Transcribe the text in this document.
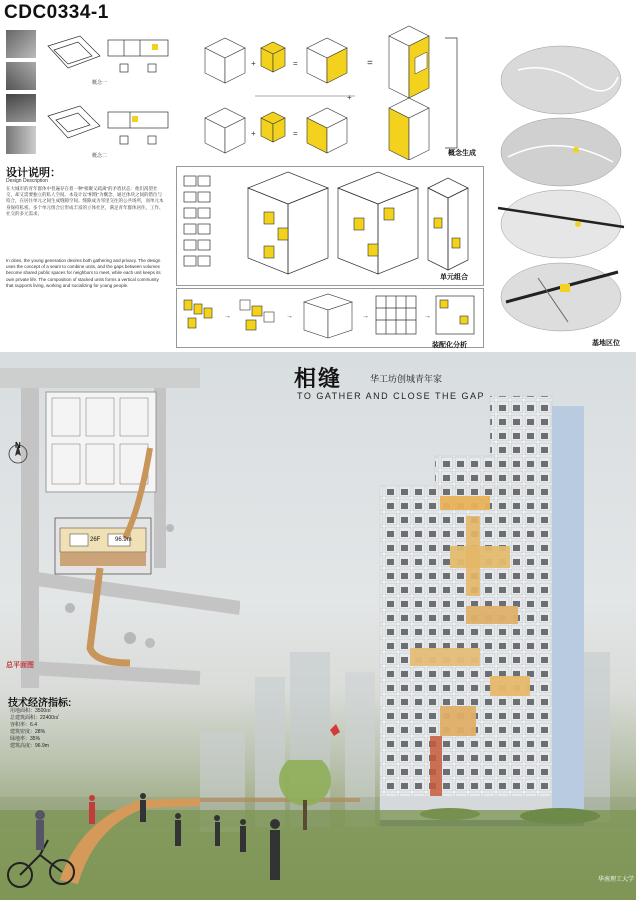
CDC0334-1
概念一
概念二
+	=	=
+	=
+
概念生成
基地区位
设计说明：
Design Description
在大城市的青年群体中普遍存在着一种“相聚又疏离”的矛盾状态：他们渴望社交，却又需要独立的私人空间。本设计以“相缝”为概念，通过体块之间的错位与咬合，在居住单元之间生成缝隙空间。缝隙成为邻里交往的公共场所，而单元本身保持私密。多个单元组合后形成丰富的立体社区，满足青年群体居住、工作、社交的多元需求。
In cities, the young generation desires both gathering and privacy. The design uses the concept of a seam to combine units, and the gaps between volumes become shared public spaces for neighbors to meet, while each unit keeps its own private life. The composition of stacked units forms a vertical community that supports living, working and socializing for young people.
单元组合
→	→	→	→
装配化分析
N
26F 96.9m
总平面图
相缝	华工坊创城青年家
TO GATHER AND CLOSE THE GAP
技术经济指标:
用地面积：3500㎡
总建筑面积：22400㎡
容积率：6.4
建筑密度：28%
绿地率：35%
建筑高度：96.9m
华南理工大学
